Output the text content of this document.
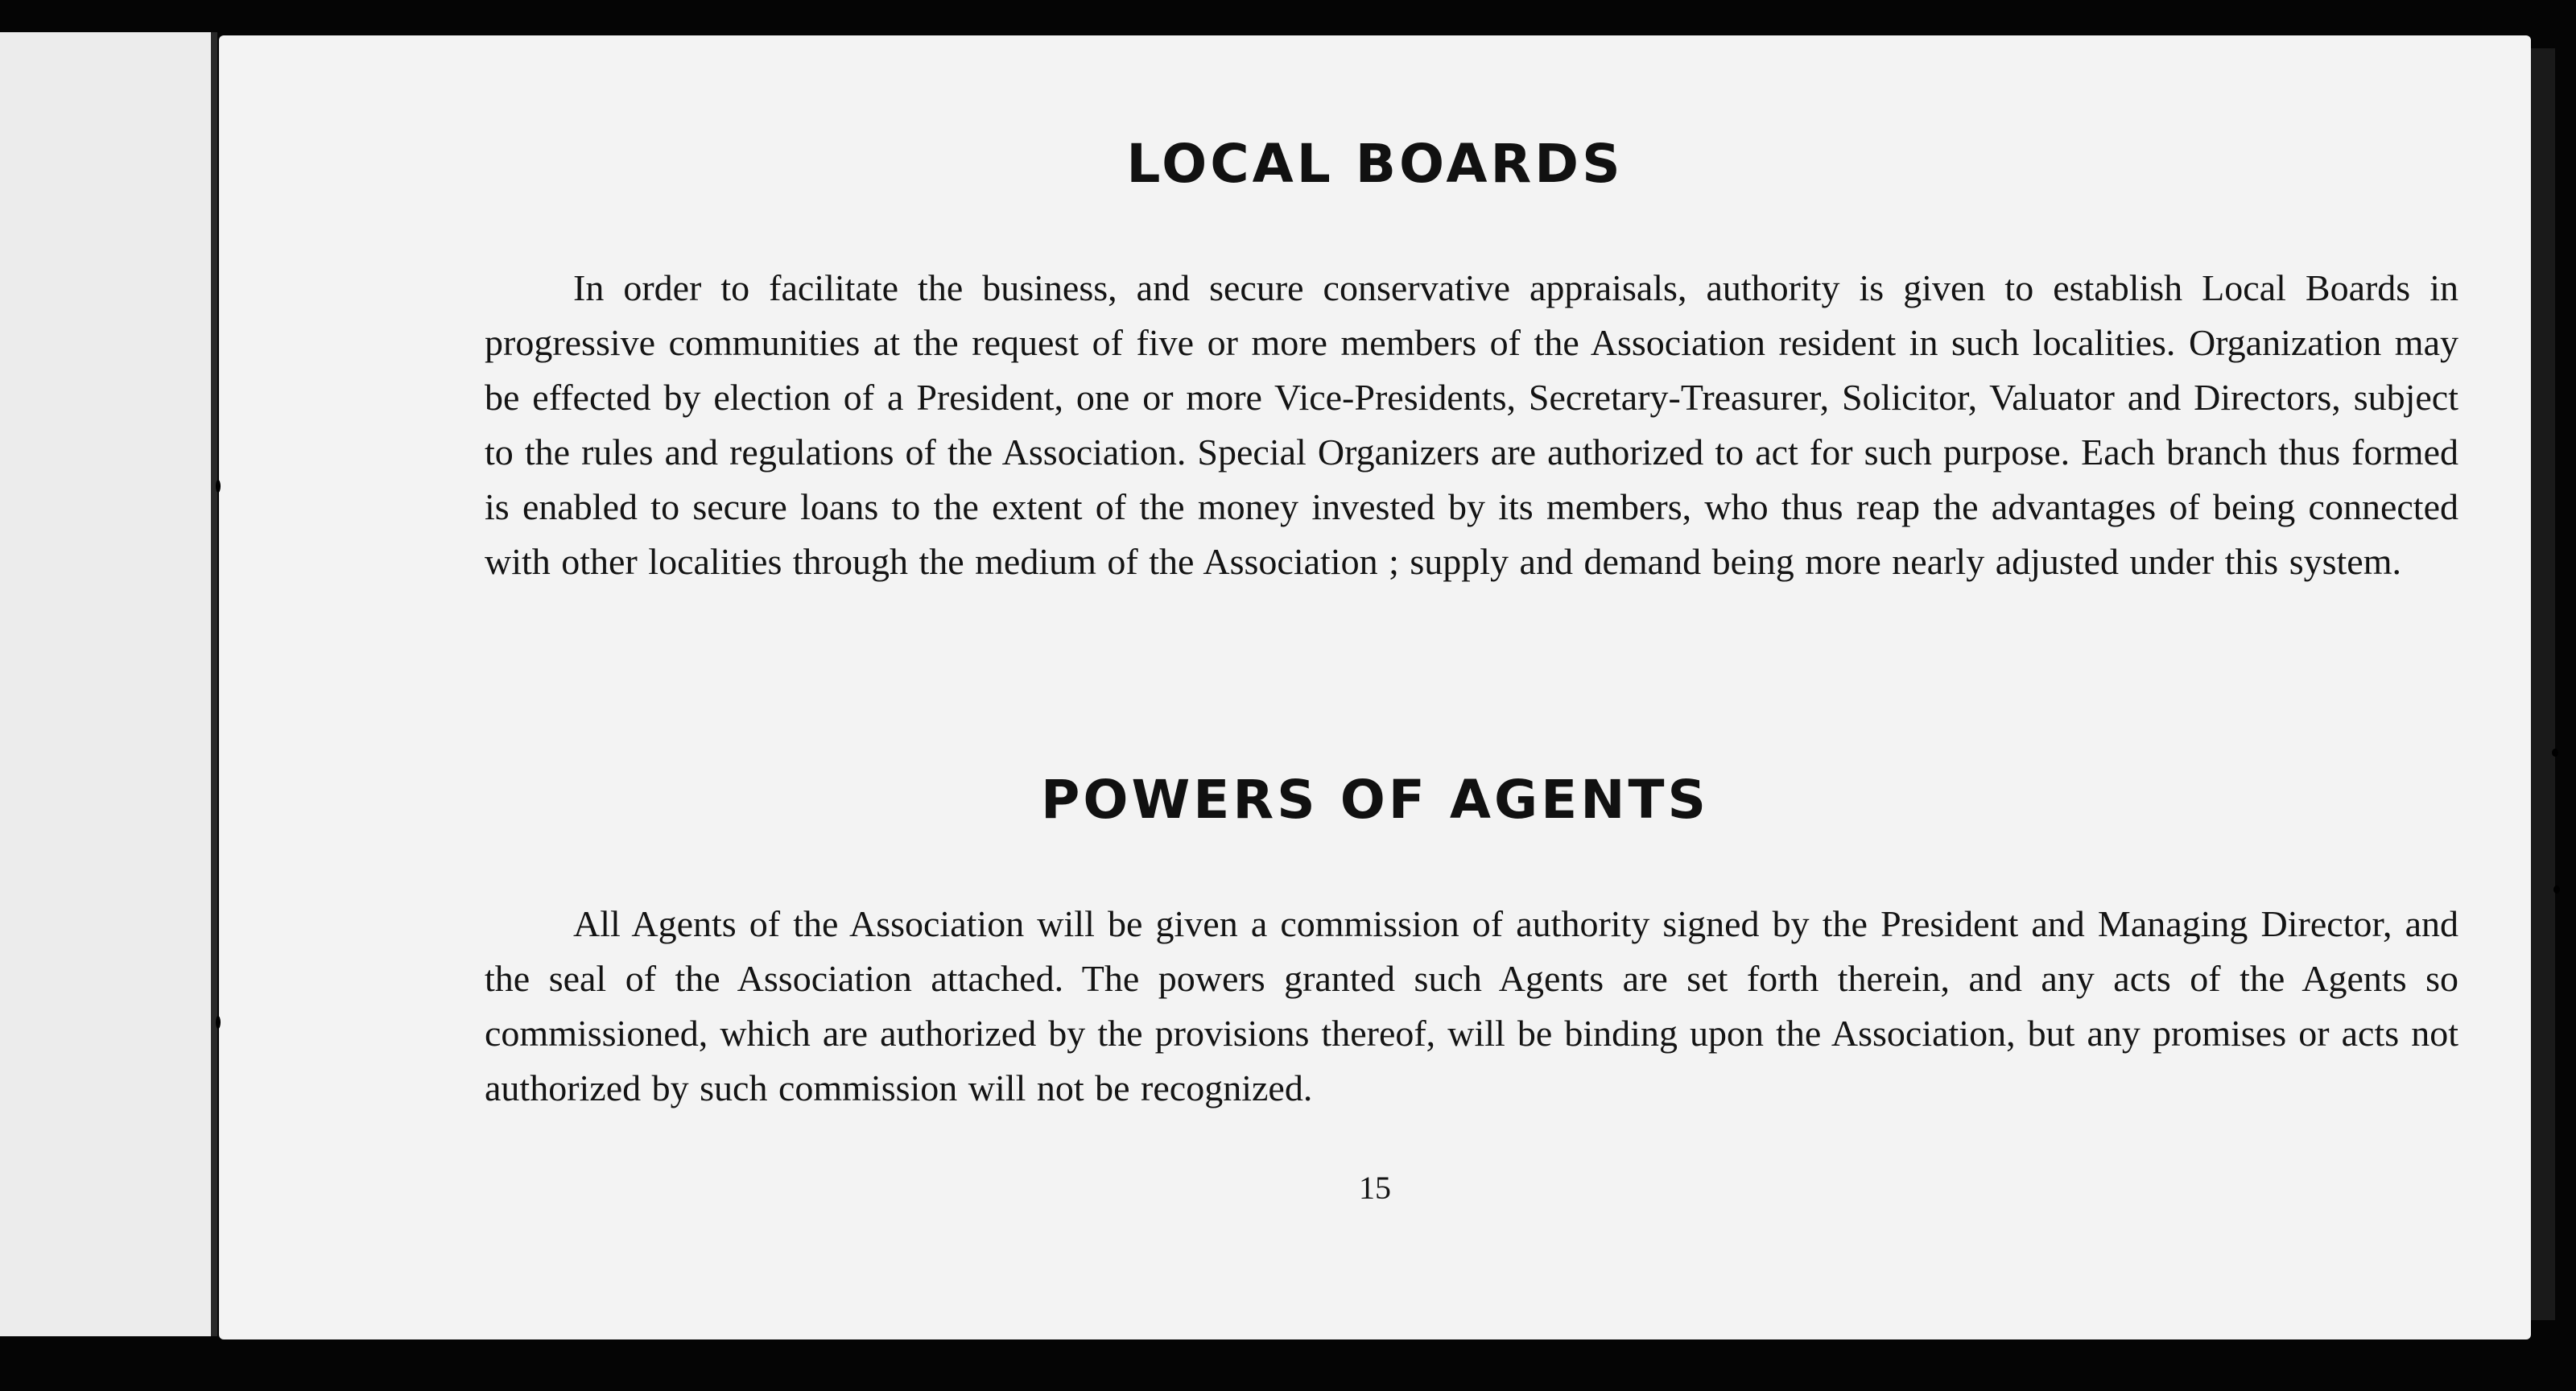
LOCAL BOARDS

In order to facilitate the business, and secure conservative appraisals, authority is given to establish Local Boards in progressive communities at the request of five or more members of the Association resident in such localities. Organization may be effected by election of a President, one or more Vice-Presidents, Secretary-Treasurer, Solicitor, Valuator and Directors, subject to the rules and regulations of the Association. Special Organizers are authorized to act for such purpose. Each branch thus formed is enabled to secure loans to the extent of the money invested by its members, who thus reap the advantages of being connected with other localities through the medium of the Association ; supply and demand being more nearly adjusted under this system.

POWERS OF AGENTS

All Agents of the Association will be given a commission of authority signed by the President and Managing Director, and the seal of the Association attached. The powers granted such Agents are set forth therein, and any acts of the Agents so commissioned, which are authorized by the provisions thereof, will be binding upon the Association, but any promises or acts not authorized by such commission will not be recognized.

15
